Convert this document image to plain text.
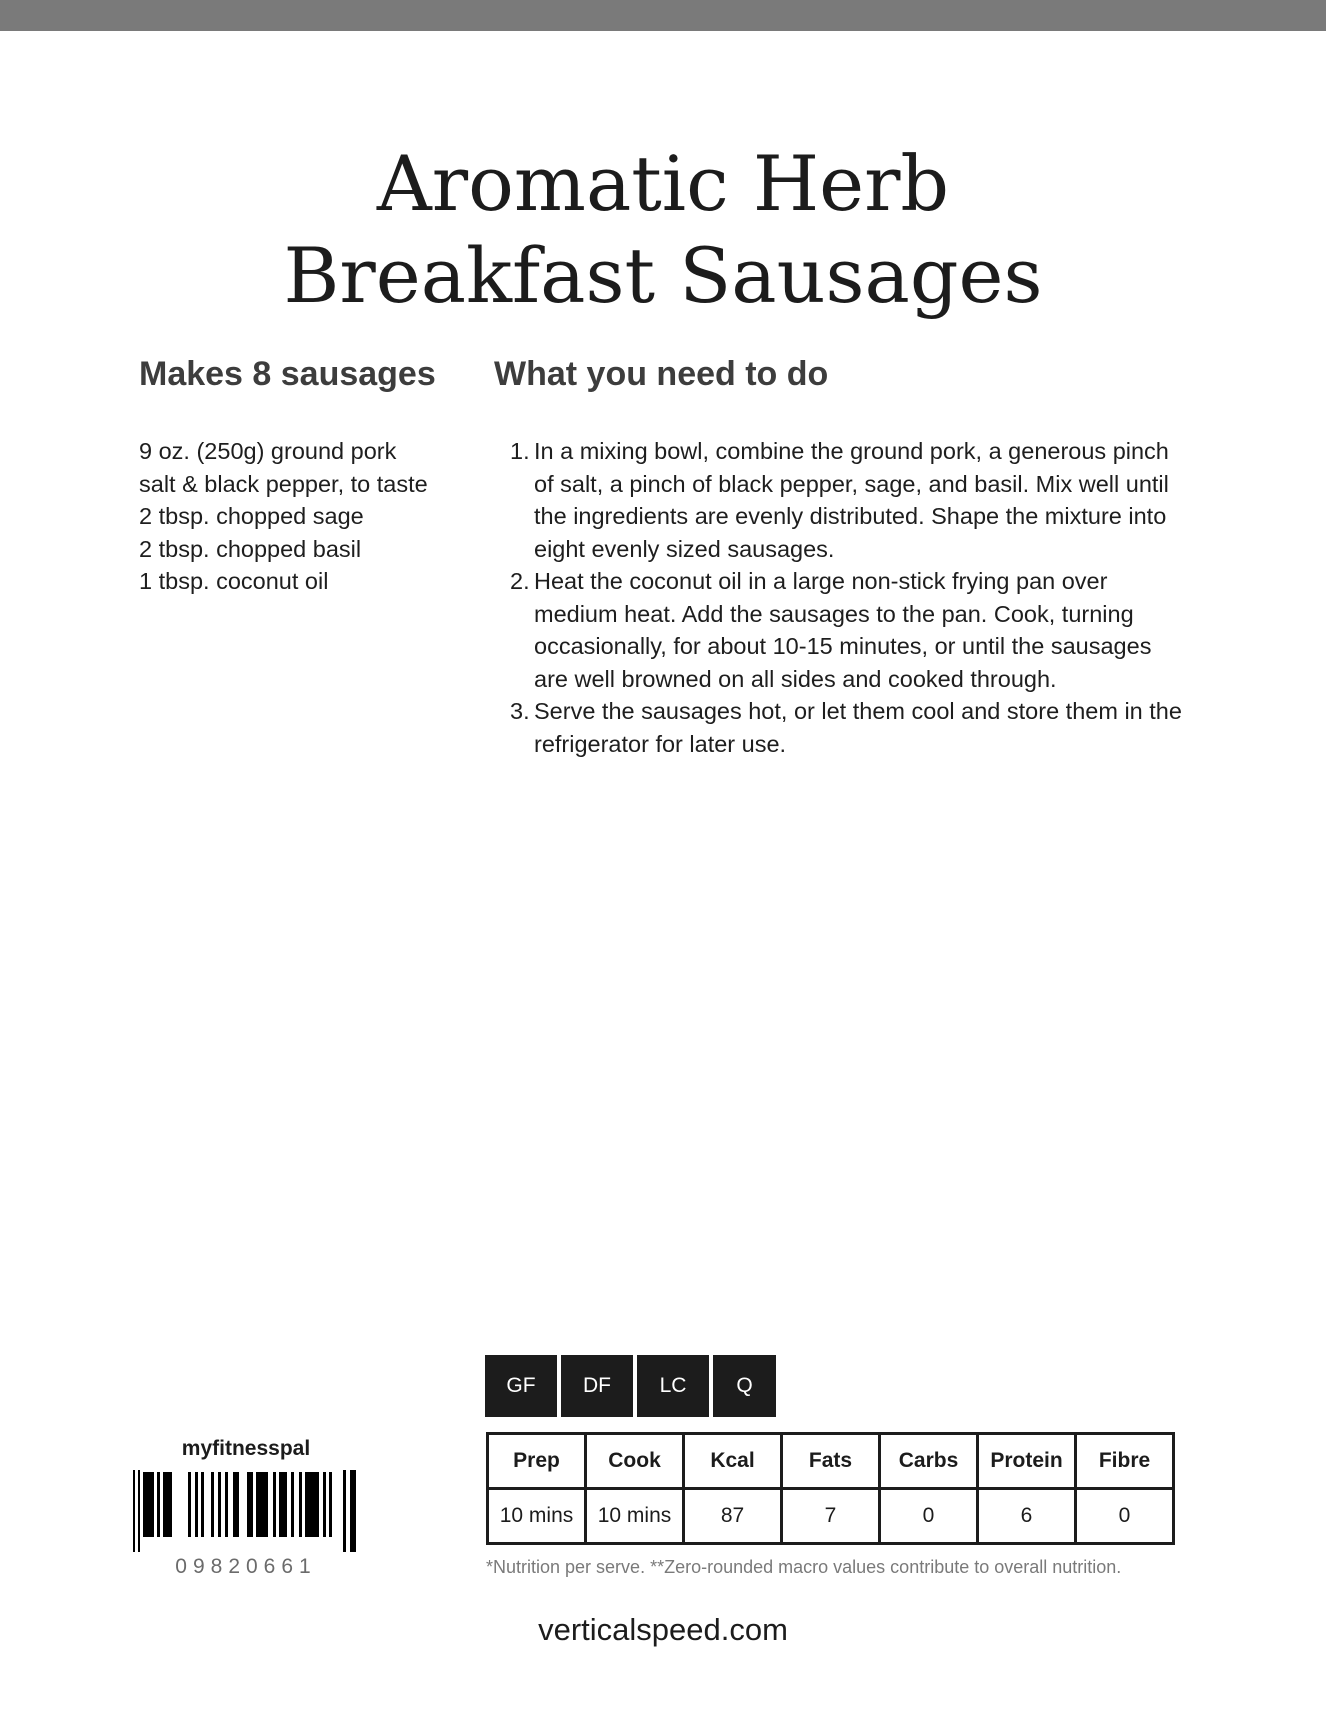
Aromatic Herb
Breakfast Sausages
Makes 8 sausages What you need to do
9 oz. (250g) ground pork
salt & black pepper, to taste
2 tbsp. chopped sage
2 tbsp. chopped basil
1 tbsp. coconut oil
1. In a mixing bowl, combine the ground pork, a generous pinch of salt, a pinch of black pepper, sage, and basil. Mix well until the ingredients are evenly distributed. Shape the mixture into eight evenly sized sausages.
2. Heat the coconut oil in a large non-stick frying pan over medium heat. Add the sausages to the pan. Cook, turning occasionally, for about 10-15 minutes, or until the sausages are well browned on all sides and cooked through.
3. Serve the sausages hot, or let them cool and store them in the refrigerator for later use.
GF	DF	LC	Q
Prep	Cook	Kcal	Fats	Carbs	Protein	Fibre
10 mins	10 mins	87	7	0	6	0
*Nutrition per serve. **Zero-rounded macro values contribute to overall nutrition.
myfitnesspal
09820661
verticalspeed.com
